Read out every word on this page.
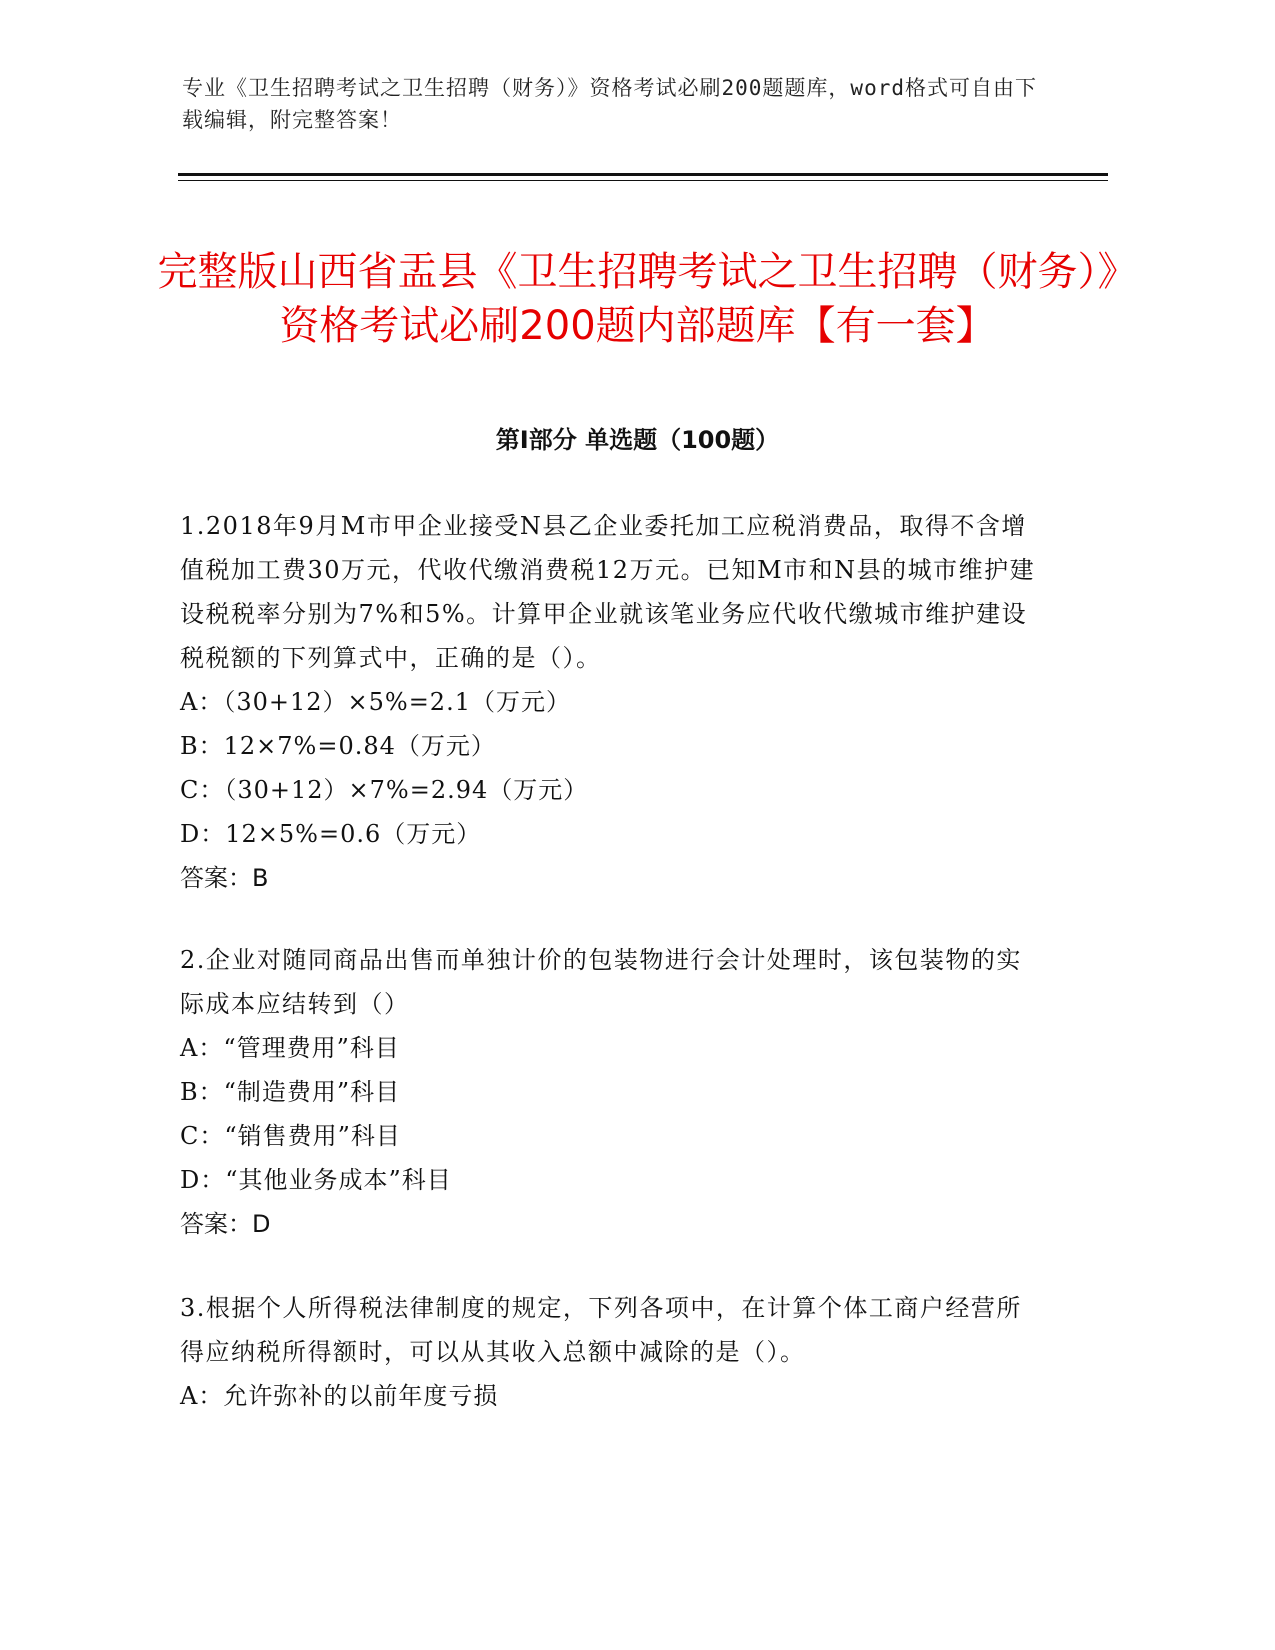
专业《卫生招聘考试之卫生招聘（财务）》资格考试必刷200题题库，word格式可自由下载编辑，附完整答案！
完整版山西省盂县《卫生招聘考试之卫生招聘（财务）》资格考试必刷200题内部题库【有一套】
第Ⅰ部分 单选题（100题）

1.2018年9月M市甲企业接受N县乙企业委托加工应税消费品，取得不含增值税加工费30万元，代收代缴消费税12万元。已知M市和N县的城市维护建设税税率分别为7%和5%。计算甲企业就该笔业务应代收代缴城市维护建设税税额的下列算式中，正确的是（）。

A：（30+12）×5%=2.1（万元）

B：12×7%=0.84（万元）

C：（30+12）×7%=2.94（万元）

D：12×5%=0.6（万元）

答案：B

2.企业对随同商品出售而单独计价的包装物进行会计处理时，该包装物的实际成本应结转到（）

A：“管理费用”科目

B：“制造费用”科目

C：“销售费用”科目

D：“其他业务成本”科目

答案：D

3.根据个人所得税法律制度的规定，下列各项中，在计算个体工商户经营所得应纳税所得额时，可以从其收入总额中减除的是（）。

A：允许弥补的以前年度亏损
